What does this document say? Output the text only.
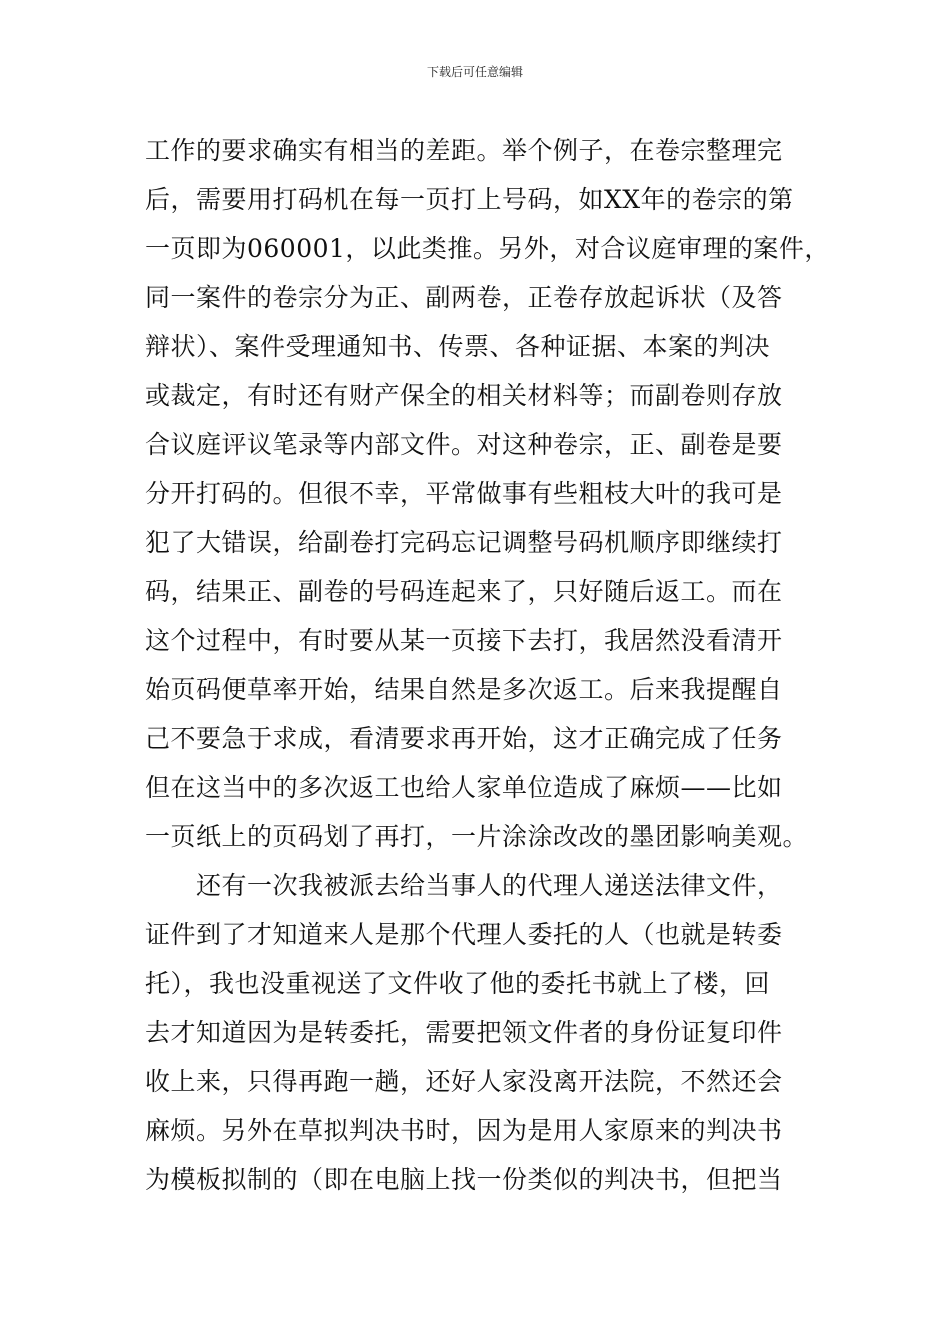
下载后可任意编辑
工作的要求确实有相当的差距。举个例子，在卷宗整理完
后，需要用打码机在每一页打上号码，如XX年的卷宗的第
一页即为060001，以此类推。另外，对合议庭审理的案件，
同一案件的卷宗分为正、副两卷，正卷存放起诉状（及答
辩状）、案件受理通知书、传票、各种证据、本案的判决
或裁定，有时还有财产保全的相关材料等；而副卷则存放
合议庭评议笔录等内部文件。对这种卷宗，正、副卷是要
分开打码的。但很不幸，平常做事有些粗枝大叶的我可是
犯了大错误，给副卷打完码忘记调整号码机顺序即继续打
码，结果正、副卷的号码连起来了，只好随后返工。而在
这个过程中，有时要从某一页接下去打，我居然没看清开
始页码便草率开始，结果自然是多次返工。后来我提醒自
己不要急于求成，看清要求再开始，这才正确完成了任务
但在这当中的多次返工也给人家单位造成了麻烦——比如
一页纸上的页码划了再打，一片涂涂改改的墨团影响美观。
　　还有一次我被派去给当事人的代理人递送法律文件，
证件到了才知道来人是那个代理人委托的人（也就是转委
托），我也没重视送了文件收了他的委托书就上了楼，回
去才知道因为是转委托，需要把领文件者的身份证复印件
收上来，只得再跑一趟，还好人家没离开法院，不然还会
麻烦。另外在草拟判决书时，因为是用人家原来的判决书
为模板拟制的（即在电脑上找一份类似的判决书，但把当
